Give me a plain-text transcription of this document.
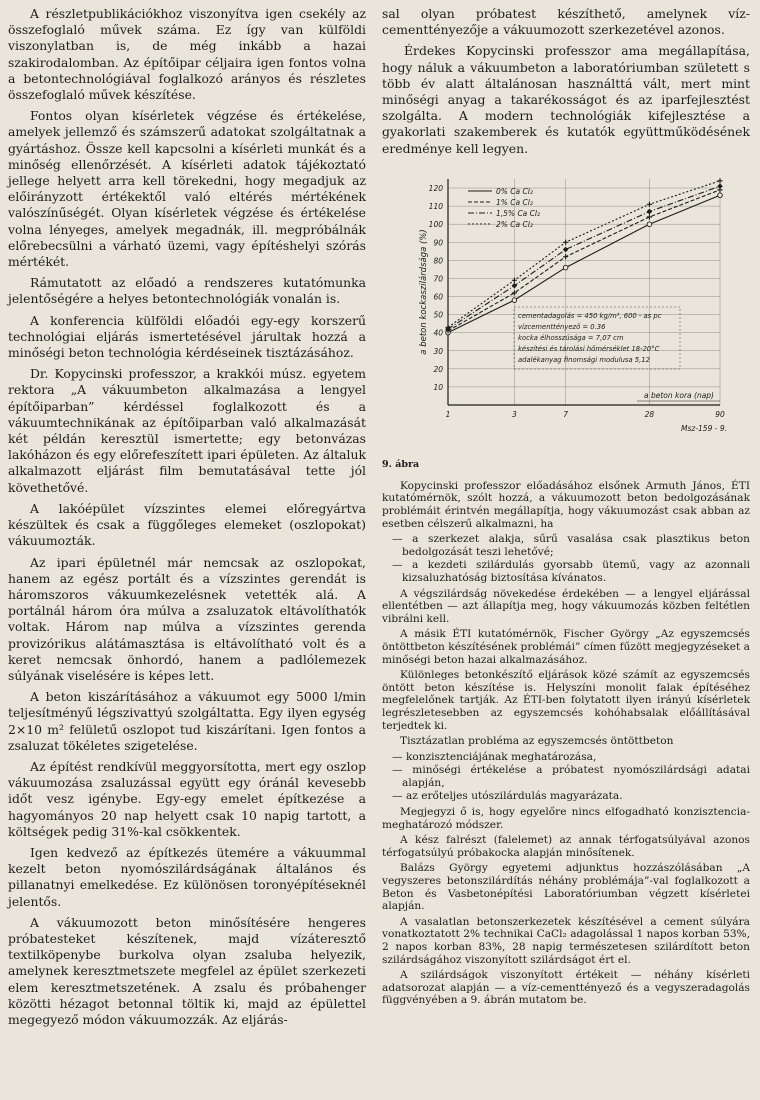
A részletpublikációkhoz viszonyítva igen csekély az összefoglaló művek száma. Ez így van külföldi viszonylatban is, de még inkább a hazai szakirodalomban. Az építőipar céljaira igen fontos volna a betontechnológiával foglalkozó arányos és részletes összefoglaló művek készítése.

Fontos olyan kísérletek végzése és értékelése, amelyek jellemző és számszerű adatokat szolgáltatnak a gyártáshoz. Össze kell kapcsolni a kísérleti munkát és a minőség ellenőrzését. A kísérleti adatok tájékoztató jellege helyett arra kell törekedni, hogy megadjuk az előirányzott értékektől való eltérés mértékének valószínűségét. Olyan kísérletek végzése és értékelése volna lényeges, amelyek megadnák, ill. megpróbálnák előrebecsülni a várható üzemi, vagy építéshelyi szórás mértékét.

Rámutatott az előadó a rendszeres kutatómunka jelentőségére a helyes betontechnológiák vonalán is.

A konferencia külföldi előadói egy-egy korszerű technológiai eljárás ismertetésével járultak hozzá a minőségi beton technológia kérdéseinek tisztázásához.

Dr. Kopycinski professzor, a krakkói músz. egyetem rektora „A vákuumbeton alkalmazása a lengyel építőiparban” kérdéssel foglalkozott és a vákuumtechnikának az építőiparban való alkalmazását két példán keresztül ismertette; egy betonvázas lakóházon és egy előrefeszített ipari épületen. Az általuk alkalmazott eljárást film bemutatásával tette jól követhetővé.

A lakóépület vízszintes elemei előregyártva készültek és csak a függőleges elemeket (oszlopokat) vákuumozták.

Az ipari épületnél már nemcsak az oszlopokat, hanem az egész portált és a vízszintes gerendát is háromszoros vákuumkezelésnek vetették alá. A portálnál három óra múlva a zsaluzatok eltávolíthatók voltak. Három nap múlva a vízszintes gerenda provizórikus alátámasztása is eltávolítható volt és a keret nemcsak önhordó, hanem a padlólemezek súlyának viselésére is képes lett.

A beton kiszárításához a vákuumot egy 5000 l/min teljesítményű légszivattyú szolgáltatta. Egy ilyen egység 2×10 m² felületű oszlopot tud kiszárítani. Igen fontos a zsaluzat tökéletes szigetelése.

Az építést rendkívül meggyorsította, mert egy oszlop vákuumozása zsaluzással együtt egy óránál kevesebb időt vesz igénybe. Egy-egy emelet építkezése a hagyományos 20 nap helyett csak 10 napig tartott, a költségek pedig 31%-kal csökkentek.

Igen kedvező az építkezés ütemére a vákuummal kezelt beton nyomószilárdságának általános és pillanatnyi emelkedése. Ez különösen toronyépítéseknél jelentős.

A vákuumozott beton minősítésére hengeres próbatesteket készítenek, majd vízáteresztő textilköpenybe burkolva olyan zsaluba helyezik, amelynek keresztmetszete megfelel az épület szerkezeti elem keresztmetszetének. A zsalu és próbahenger közötti hézagot betonnal töltik ki, majd az épülettel megegyező módon vákuumozzák. Az eljárás-

sal olyan próbatest készíthető, amelynek víz-cementtényezője a vákuumozott szerkezetével azonos.

Érdekes Kopycinski professzor ama megállapítása, hogy náluk a vákuumbeton a laboratóriumban született s több év alatt általánosan használttá vált, mert mint minőségi anyag a takarékosságot és az iparfejlesztést szolgálta. A modern technológiák kifejlesztése a gyakorlati szakemberek és kutatók együttműködésének eredménye kell legyen.

10
20
30
40
50
60
70
80
90
100
110
120
1	3	7	28	90
a beton kockaszilárdsága (%)
a beton kora (nap)
0% Ca Cl₂
1% Ca Cl₂
1,5% Ca Cl₂
2% Ca Cl₂
cementadagolás = 450 kg/m³, 600 - as pc
vízcementtényező = 0.36
kocka élhosszúsága = 7,07 cm
készítési és tárolási hőmérséklet 18-20°C
adalékanyag finomsági modulusa 5,12
Msz-159 - 9.
9. ábra

Kopycinski professzor előadásához elsőnek Armuth János, ÉTI kutatómérnök, szólt hozzá, a vákuumozott beton bedolgozásának problémáit érintvén megállapítja, hogy vákuumozást csak abban az esetben célszerű alkalmazni, ha

— a szerkezet alakja, sűrű vasalása csak plasztikus beton bedolgozását teszi lehetővé;
— a kezdeti szilárdulás gyorsabb ütemű, vagy az azonnali kizsaluzhatóság biztosítása kívánatos.

A végszilárdság növekedése érdekében — a lengyel eljárással ellentétben — azt állapítja meg, hogy vákuumozás közben feltétlen vibrálni kell.

A másik ÉTI kutatómérnök, Fischer György „Az egyszemcsés öntöttbeton készítésének problémái” címen fűzött megjegyzéseket a minőségi beton hazai alkalmazásához.

Különleges betonkészítő eljárások közé számít az egyszemcsés öntött beton készítése is. Helyszíni monolit falak építéséhez megfelelőnek tartják. Az ÉTI-ben folytatott ilyen irányú kísérletek legrészletesebben az egyszemcsés kohóhabsalak előállításával terjedtek ki.

Tisztázatlan probléma az egyszemcsés öntöttbeton

— konzisztenciájának meghatározása,
— minőségi értékelése a próbatest nyomószilárdsági adatai alapján,
— az erőteljes utószilárdulás magyarázata.

Megjegyzi ő is, hogy egyelőre nincs elfogadható konzisztencia-meghatározó módszer.

A kész falrészt (falelemet) az annak térfogatsúlyával azonos térfogatsúlyú próbakocka alapján minősítenek.

Balázs György egyetemi adjunktus hozzászólásában „A vegyszeres betonszilárdítás néhány problémája”-val foglalkozott a Beton és Vasbetonépítési Laboratóriumban végzett kísérletei alapján.

A vasalatlan betonszerkezetek készítésével a cement súlyára vonatkoztatott 2% technikai CaCl₂ adagolással 1 napos korban 53%, 2 napos korban 83%, 28 napig természetesen szilárdított beton szilárdságához viszonyított szilárdságot ért el.

A szilárdságok viszonyított értékeit — néhány kísérleti adatsorozat alapján — a víz-cementtényező és a vegyszeradagolás függvényében a 9. ábrán mutatom be.
